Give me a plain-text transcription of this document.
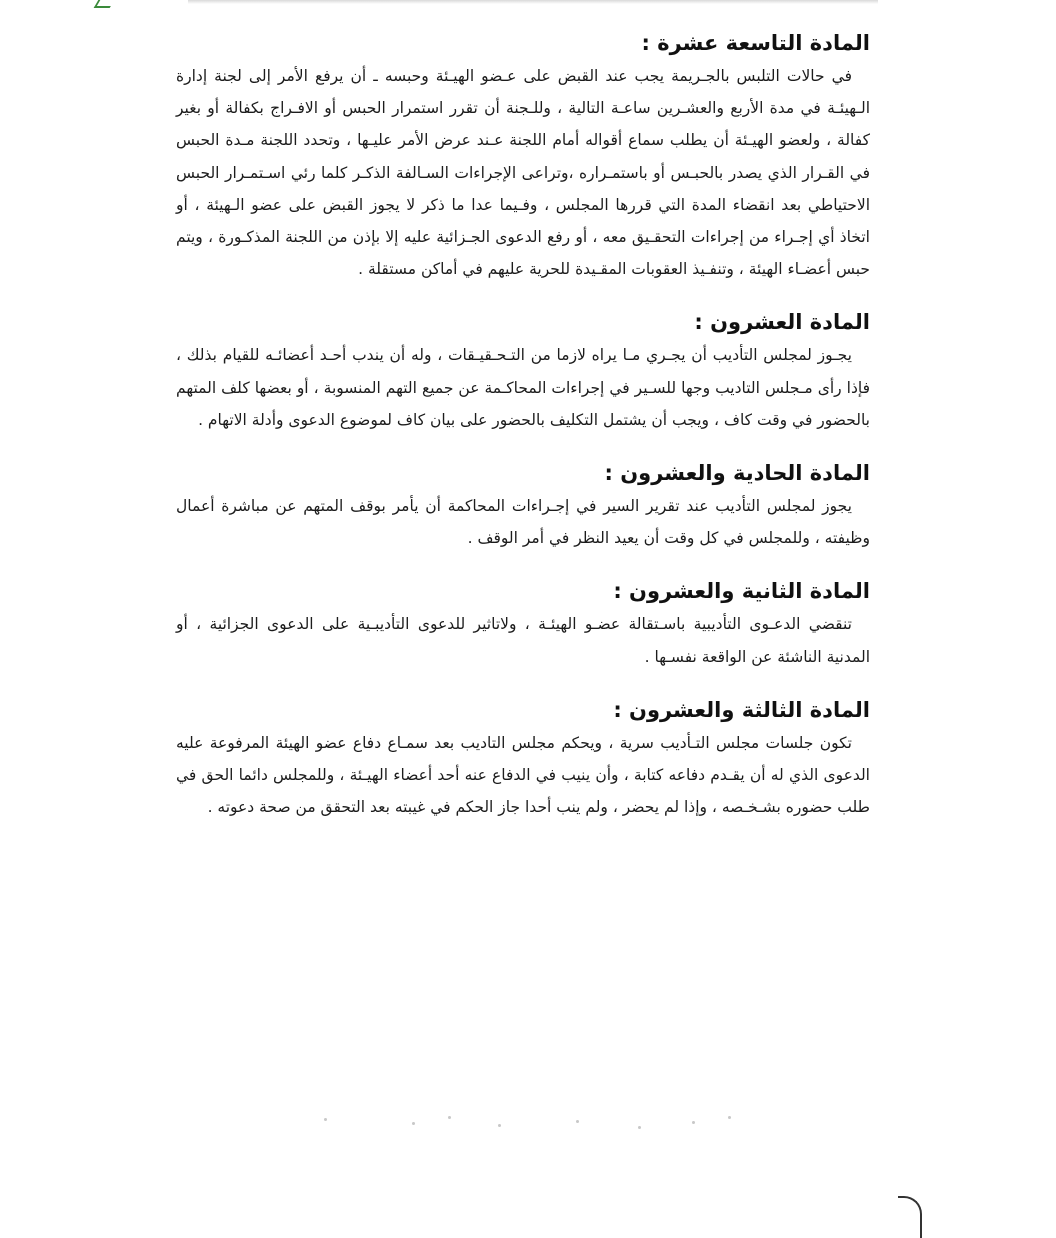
المادة التاسعة عشرة :

في حالات التلبس بالجـريمة يجب عند القبض على عـضو الهيـئة وحبسه ـ أن يرفع الأمر إلى لجنة إدارة الـهيئـة في مدة الأربع والعشـرين ساعـة التالية ، وللـجنة أن تقرر استمرار الحبس أو الافـراج بكفالة أو بغير كفالة ، ولعضو الهيـئة أن يطلب سماع أقواله أمام اللجنة عـند عرض الأمر عليـها ، وتحدد اللجنة مـدة الحبس في القـرار الذي يصدر بالحبـس أو باستمـراره ،وتراعى الإجراءات السـالفة الذكـر كلما رئي اسـتمـرار الحبس الاحتياطي بعد انقضاء المدة التي قررها المجلس ، وفـيما عدا ما ذكر لا يجوز القبض على عضو الـهيئة ، أو اتخاذ أي إجـراء من إجراءات التحقـيق معه ، أو رفع الدعوى الجـزائية عليه إلا بإذن من اللجنة المذكـورة ، ويتم حبس أعضـاء الهيئة ، وتنفـيذ العقوبات المقـيدة للحرية عليهم في أماكن مستقلة .

المادة العشرون :

يجـوز لمجلس التأديب أن يجـري مـا يراه لازما من التـحـقيـقات ، وله أن يندب أحـد أعضائـه للقيام بذلك ، فإذا رأى مـجلس التاديب وجها للسـير في إجراءات المحاكـمة عن جميع التهم المنسوبة ، أو بعضها كلف المتهم بالحضور في وقت كاف ، ويجب أن يشتمل التكليف بالحضور على بيان كاف لموضوع الدعوى وأدلة الاتهام .

المادة الحادية والعشرون :

يجوز لمجلس التأديب عند تقرير السير في إجـراءات المحاكمة أن يأمر بوقف المتهم عن مباشرة أعمال وظيفته ، وللمجلس في كل وقت أن يعيد النظر في أمر الوقف .

المادة الثانية والعشرون :

تنقضي الدعـوى التأديبية باسـتقالة عضـو الهيئـة ، ولاتاثير للدعوى التأديبـية على الدعوى الجزائية ، أو المدنية الناشئة عن الواقعة نفسـها .

المادة الثالثة والعشرون :

تكون جلسات مجلس التـأديب سرية ، ويحكم مجلس التاديب بعد سمـاع دفاع عضو الهيئة المرفوعة عليه الدعوى الذي له أن يقـدم دفاعه كتابة ، وأن ينيب في الدفاع عنه أحد أعضاء الهيـئة ، وللمجلس دائما الحق في طلب حضوره بشـخـصه ، وإذا لم يحضر ، ولم ينب أحدا جاز الحكم في غيبته بعد التحقق من صحة دعوته .
